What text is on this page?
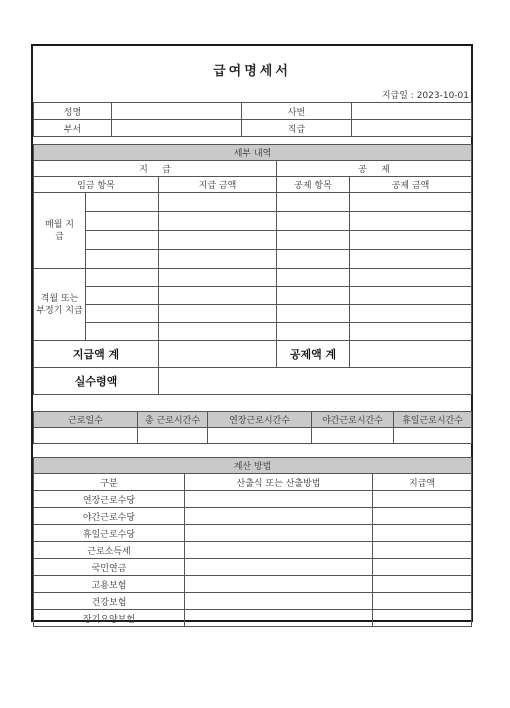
급여명세서
지급일 : 2023-10-01
성명		사번	
부서		직급	
세부 내역				
지     급			공     제	
임금 항목		지급 금액	공제 항목	공제 금액
매월 지급				

격월 또는 부정기 지급				

지급액 계			공제액 계	
실수령액				
근로일수	총 근로시간수	연장근로시간수	야간근로시간수	휴일근로시간수

계산 방법		
구분	산출식 또는 산출방법	지급액
연장근로수당		
야간근로수당		
휴일근로수당		
근로소득세		
국민연금		
고용보험		
건강보험		
장기요양보험		
